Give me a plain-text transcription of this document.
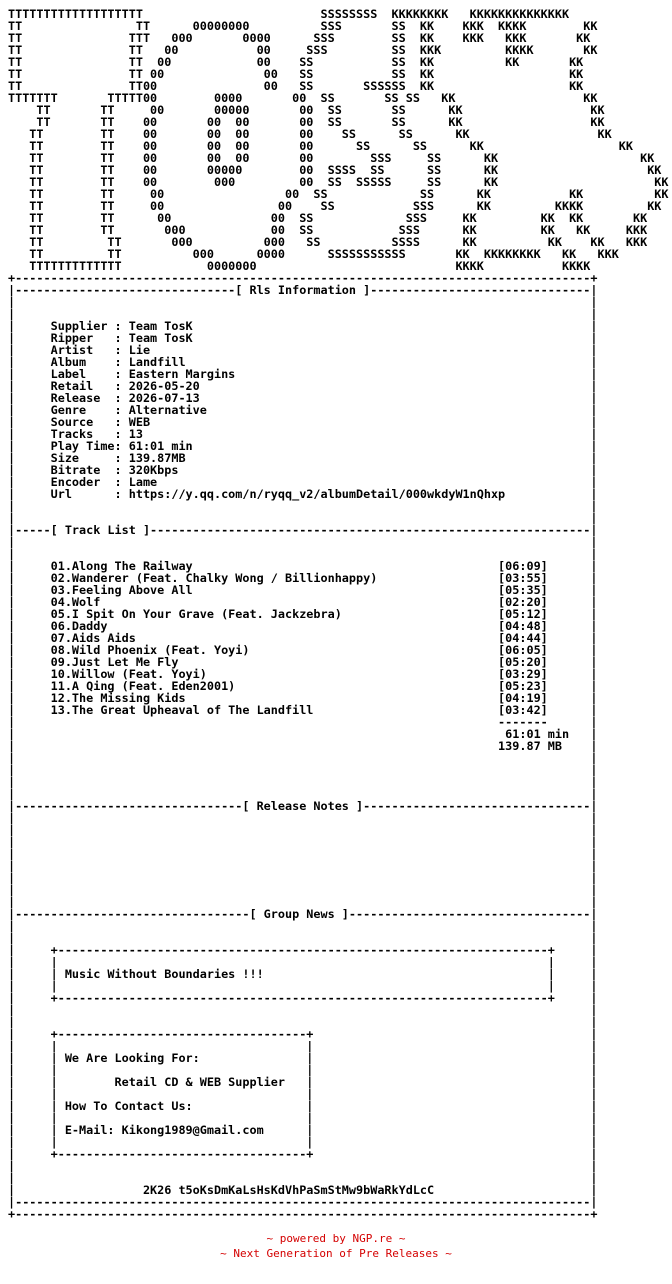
TTTTTTTTTTTTTTTTTTT                         SSSSSSSS  KKKKKKKK   KKKKKKKKKKKKKK
TT                TT      00000000          SSS       SS  KK    KKK  KKKK        KK
TT               TTT   000       0000      SSS        SS  KK    KKK   KKK       KK
TT               TT   00           00     SSS         SS  KKK         KKKK       KK
TT               TT  00            00    SS           SS  KK          KK       KK
TT               TT 00              00   SS           SS  KK                   KK
TT               TT00               00   SS       SSSSSS  KK                   KK
TTTTTTT       TTTTT00        0000       00  SS       SS SS   KK                  KK
TT       TT     00       00000       00  SS       SS      KK                  KK
TT       TT    00       00  00       00  SS       SS      KK                  KK
TT        TT    00       00  00       00    SS      SS      KK                  KK
TT        TT    00       00  00       00      SS      SS      KK                   KK
TT        TT    00       00  00       00        SSS     SS      KK                    KK
TT        TT    00       00000        00  SSSS  SS      SS      KK                     KK
TT        TT    00        000         00  SS  SSSSS     SS      KK                      KK
TT        TT     00                 00  SS             SS      KK           KK          KK
TT        TT     00                00    SS           SSS      KK         KKKK         KK
TT        TT      00              00  SS             SSS     KK         KK  KK       KK
TT        TT       000            00  SS            SSS      KK         KK   KK     KKK
TT         TT       000          000   SS          SSSS      KK          KK    KK   KKK
TT         TT          000      0000      SSSSSSSSSSS       KK  KKKKKKKK   KK   KKK
TTTTTTTTTTTTT            0000000                            KKKK           KKKK
+---------------------------------------------------------------------------------+
|-------------------------------[ Rls Information ]-------------------------------|
|                                                                                 |
|                                                                                 |
|     Supplier : Team TosK                                                        |
|     Ripper   : Team TosK                                                        |
|     Artist   : Lie                                                              |
|     Album    : Landfill                                                         |
|     Label    : Eastern Margins                                                  |
|     Retail   : 2026-05-20                                                       |
|     Release  : 2026-07-13                                                       |
|     Genre    : Alternative                                                      |
|     Source   : WEB                                                              |
|     Tracks   : 13                                                               |
|     Play Time: 61:01 min                                                        |
|     Size     : 139.87MB                                                         |
|     Bitrate  : 320Kbps                                                          |
|     Encoder  : Lame                                                             |
|     Url      : https://y.qq.com/n/ryqq_v2/albumDetail/000wkdyW1nQhxp            |
|                                                                                 |
|                                                                                 |
|-----[ Track List ]--------------------------------------------------------------|
|                                                                                 |
|                                                                                 |
|     01.Along The Railway                                           [06:09]      |
|     02.Wanderer (Feat. Chalky Wong / Billionhappy)                 [03:55]      |
|     03.Feeling Above All                                           [05:35]      |
|     04.Wolf                                                        [02:20]      |
|     05.I Spit On Your Grave (Feat. Jackzebra)                      [05:12]      |
|     06.Daddy                                                       [04:48]      |
|     07.Aids Aids                                                   [04:44]      |
|     08.Wild Phoenix (Feat. Yoyi)                                   [06:05]      |
|     09.Just Let Me Fly                                             [05:20]      |
|     10.Willow (Feat. Yoyi)                                         [03:29]      |
|     11.A Qing (Feat. Eden2001)                                     [05:23]      |
|     12.The Missing Kids                                            [04:19]      |
|     13.The Great Upheaval of The Landfill                          [03:42]      |
|                                                                    -------      |
|                                                                     61:01 min   |
|                                                                    139.87 MB    |
|                                                                                 |
|                                                                                 |
|                                                                                 |
|                                                                                 |
|--------------------------------[ Release Notes ]--------------------------------|
|                                                                                 |
|                                                                                 |
|                                                                                 |
|                                                                                 |
|                                                                                 |
|                                                                                 |
|                                                                                 |
|                                                                                 |
|---------------------------------[ Group News ]----------------------------------|
|                                                                                 |
|                                                                                 |
|     +---------------------------------------------------------------------+     |
|     |                                                                     |     |
|     | Music Without Boundaries !!!                                        |     |
|     |                                                                     |     |
|     +---------------------------------------------------------------------+     |
|                                                                                 |
|                                                                                 |
|     +-----------------------------------+                                       |
|     |                                   |                                       |
|     | We Are Looking For:               |                                       |
|     |                                   |                                       |
|     |        Retail CD & WEB Supplier   |                                       |
|     |                                   |                                       |
|     | How To Contact Us:                |                                       |
|     |                                   |                                       |
|     | E-Mail: Kikong1989@Gmail.com      |                                       |
|     |                                   |                                       |
|     +-----------------------------------+                                       |
|                                                                                 |
|                                                                                 |
|                  2K26 t5oKsDmKaLsHsKdVhPaSmStMw9bWaRkYdLcC                      |
|---------------------------------------------------------------------------------|
+---------------------------------------------------------------------------------+
~ powered by NGP.re ~
~ Next Generation of Pre Releases ~
